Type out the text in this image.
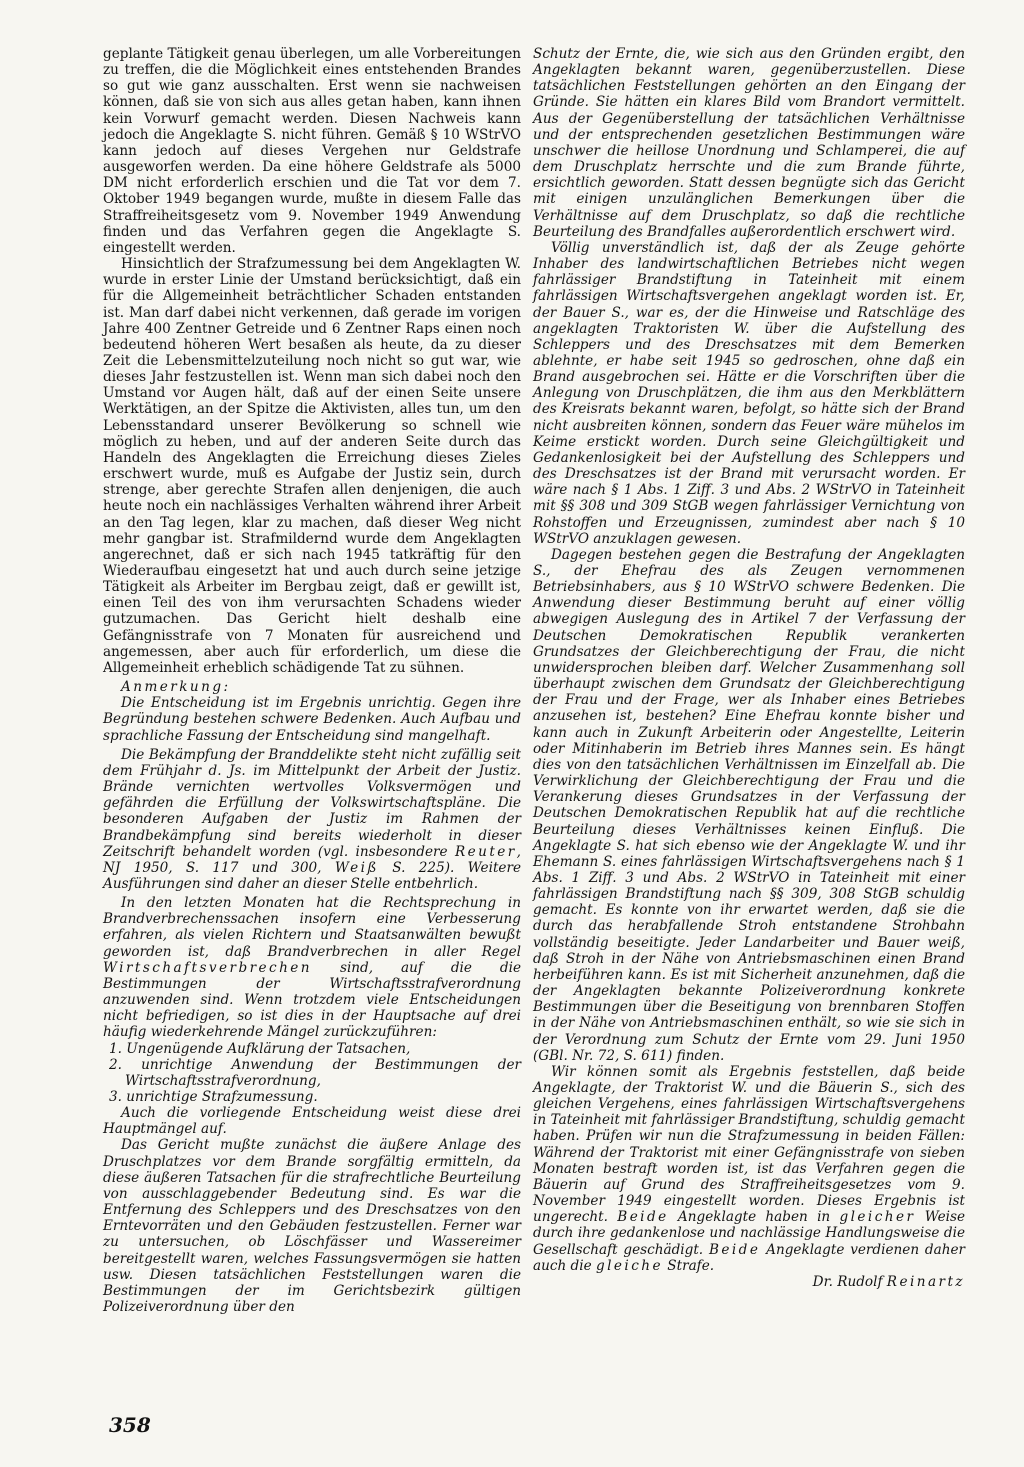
geplante Tätigkeit genau überlegen, um alle Vorbereitungen zu treffen, die die Möglichkeit eines entstehenden Brandes so gut wie ganz ausschalten. Erst wenn sie nachweisen können, daß sie von sich aus alles getan haben, kann ihnen kein Vorwurf gemacht werden. Diesen Nachweis kann jedoch die Angeklagte S. nicht führen. Gemäß § 10 WStrVO kann jedoch auf dieses Vergehen nur Geldstrafe ausgeworfen werden. Da eine höhere Geldstrafe als 5000 DM nicht erforderlich erschien und die Tat vor dem 7. Oktober 1949 begangen wurde, mußte in diesem Falle das Straffreiheitsgesetz vom 9. November 1949 Anwendung finden und das Verfahren gegen die Angeklagte S. eingestellt werden.

Hinsichtlich der Strafzumessung bei dem Angeklagten W. wurde in erster Linie der Umstand berücksichtigt, daß ein für die Allgemeinheit beträchtlicher Schaden entstanden ist. Man darf dabei nicht verkennen, daß gerade im vorigen Jahre 400 Zentner Getreide und 6 Zentner Raps einen noch bedeutend höheren Wert besaßen als heute, da zu dieser Zeit die Lebensmittelzuteilung noch nicht so gut war, wie dieses Jahr festzustellen ist. Wenn man sich dabei noch den Umstand vor Augen hält, daß auf der einen Seite unsere Werktätigen, an der Spitze die Aktivisten, alles tun, um den Lebensstandard unserer Bevölkerung so schnell wie möglich zu heben, und auf der anderen Seite durch das Handeln des Angeklagten die Erreichung dieses Zieles erschwert wurde, muß es Aufgabe der Justiz sein, durch strenge, aber gerechte Strafen allen denjenigen, die auch heute noch ein nachlässiges Verhalten während ihrer Arbeit an den Tag legen, klar zu machen, daß dieser Weg nicht mehr gangbar ist. Strafmildernd wurde dem Angeklagten angerechnet, daß er sich nach 1945 tatkräftig für den Wiederaufbau eingesetzt hat und auch durch seine jetzige Tätigkeit als Arbeiter im Bergbau zeigt, daß er gewillt ist, einen Teil des von ihm verursachten Schadens wieder gutzumachen. Das Gericht hielt deshalb eine Gefängnisstrafe von 7 Monaten für ausreichend und angemessen, aber auch für erforderlich, um diese die Allgemeinheit erheblich schädigende Tat zu sühnen.

Anmerkung:

Die Entscheidung ist im Ergebnis unrichtig. Gegen ihre Begründung bestehen schwere Bedenken. Auch Aufbau und sprachliche Fassung der Entscheidung sind mangelhaft.

Die Bekämpfung der Branddelikte steht nicht zufällig seit dem Frühjahr d. Js. im Mittelpunkt der Arbeit der Justiz. Brände vernichten wertvolles Volksvermögen und gefährden die Erfüllung der Volkswirtschaftspläne. Die besonderen Aufgaben der Justiz im Rahmen der Brandbekämpfung sind bereits wiederholt in dieser Zeitschrift behandelt worden (vgl. insbesondere Reuter, NJ 1950, S. 117 und 300, Weiß S. 225). Weitere Ausführungen sind daher an dieser Stelle entbehrlich.

In den letzten Monaten hat die Rechtsprechung in Brandverbrechenssachen insofern eine Verbesserung erfahren, als vielen Richtern und Staatsanwälten bewußt geworden ist, daß Brandverbrechen in aller Regel Wirtschaftsverbrechen sind, auf die die Bestimmungen der Wirtschaftsstrafverordnung anzuwenden sind. Wenn trotzdem viele Entscheidungen nicht befriedigen, so ist dies in der Hauptsache auf drei häufig wiederkehrende Mängel zurückzuführen:

1. Ungenügende Aufklärung der Tatsachen,
2. unrichtige Anwendung der Bestimmungen der Wirtschaftsstrafverordnung,
3. unrichtige Strafzumessung.

Auch die vorliegende Entscheidung weist diese drei Hauptmängel auf.

Das Gericht mußte zunächst die äußere Anlage des Druschplatzes vor dem Brande sorgfältig ermitteln, da diese äußeren Tatsachen für die strafrechtliche Beurteilung von ausschlaggebender Bedeutung sind. Es war die Entfernung des Schleppers und des Dreschsatzes von den Erntevorräten und den Gebäuden festzustellen. Ferner war zu untersuchen, ob Löschfässer und Wassereimer bereitgestellt waren, welches Fassungsvermögen sie hatten usw. Diesen tatsächlichen Feststellungen waren die Bestimmungen der im Gerichtsbezirk gültigen Polizeiverordnung über den

Schutz der Ernte, die, wie sich aus den Gründen ergibt, den Angeklagten bekannt waren, gegenüberzustellen. Diese tatsächlichen Feststellungen gehörten an den Eingang der Gründe. Sie hätten ein klares Bild vom Brandort vermittelt. Aus der Gegenüberstellung der tatsächlichen Verhältnisse und der entsprechenden gesetzlichen Bestimmungen wäre unschwer die heillose Unordnung und Schlamperei, die auf dem Druschplatz herrschte und die zum Brande führte, ersichtlich geworden. Statt dessen begnügte sich das Gericht mit einigen unzulänglichen Bemerkungen über die Verhältnisse auf dem Druschplatz, so daß die rechtliche Beurteilung des Brandfalles außerordentlich erschwert wird.

Völlig unverständlich ist, daß der als Zeuge gehörte Inhaber des landwirtschaftlichen Betriebes nicht wegen fahrlässiger Brandstiftung in Tateinheit mit einem fahrlässigen Wirtschaftsvergehen angeklagt worden ist. Er, der Bauer S., war es, der die Hinweise und Ratschläge des angeklagten Traktoristen W. über die Aufstellung des Schleppers und des Dreschsatzes mit dem Bemerken ablehnte, er habe seit 1945 so gedroschen, ohne daß ein Brand ausgebrochen sei. Hätte er die Vorschriften über die Anlegung von Druschplätzen, die ihm aus den Merkblättern des Kreisrats bekannt waren, befolgt, so hätte sich der Brand nicht ausbreiten können, sondern das Feuer wäre mühelos im Keime erstickt worden. Durch seine Gleichgültigkeit und Gedankenlosigkeit bei der Aufstellung des Schleppers und des Dreschsatzes ist der Brand mit verursacht worden. Er wäre nach § 1 Abs. 1 Ziff. 3 und Abs. 2 WStrVO in Tateinheit mit §§ 308 und 309 StGB wegen fahrlässiger Vernichtung von Rohstoffen und Erzeugnissen, zumindest aber nach § 10 WStrVO anzuklagen gewesen.

Dagegen bestehen gegen die Bestrafung der Angeklagten S., der Ehefrau des als Zeugen vernommenen Betriebsinhabers, aus § 10 WStrVO schwere Bedenken. Die Anwendung dieser Bestimmung beruht auf einer völlig abwegigen Auslegung des in Artikel 7 der Verfassung der Deutschen Demokratischen Republik verankerten Grundsatzes der Gleichberechtigung der Frau, die nicht unwidersprochen bleiben darf. Welcher Zusammenhang soll überhaupt zwischen dem Grundsatz der Gleichberechtigung der Frau und der Frage, wer als Inhaber eines Betriebes anzusehen ist, bestehen? Eine Ehefrau konnte bisher und kann auch in Zukunft Arbeiterin oder Angestellte, Leiterin oder Mitinhaberin im Betrieb ihres Mannes sein. Es hängt dies von den tatsächlichen Verhältnissen im Einzelfall ab. Die Verwirklichung der Gleichberechtigung der Frau und die Verankerung dieses Grundsatzes in der Verfassung der Deutschen Demokratischen Republik hat auf die rechtliche Beurteilung dieses Verhältnisses keinen Einfluß. Die Angeklagte S. hat sich ebenso wie der Angeklagte W. und ihr Ehemann S. eines fahrlässigen Wirtschaftsvergehens nach § 1 Abs. 1 Ziff. 3 und Abs. 2 WStrVO in Tateinheit mit einer fahrlässigen Brandstiftung nach §§ 309, 308 StGB schuldig gemacht. Es konnte von ihr erwartet werden, daß sie die durch das herabfallende Stroh entstandene Strohbahn vollständig beseitigte. Jeder Landarbeiter und Bauer weiß, daß Stroh in der Nähe von Antriebsmaschinen einen Brand herbeiführen kann. Es ist mit Sicherheit anzunehmen, daß die der Angeklagten bekannte Polizeiverordnung konkrete Bestimmungen über die Beseitigung von brennbaren Stoffen in der Nähe von Antriebsmaschinen enthält, so wie sie sich in der Verordnung zum Schutz der Ernte vom 29. Juni 1950 (GBl. Nr. 72, S. 611) finden.

Wir können somit als Ergebnis feststellen, daß beide Angeklagte, der Traktorist W. und die Bäuerin S., sich des gleichen Vergehens, eines fahrlässigen Wirtschaftsvergehens in Tateinheit mit fahrlässiger Brandstiftung, schuldig gemacht haben. Prüfen wir nun die Strafzumessung in beiden Fällen: Während der Traktorist mit einer Gefängnisstrafe von sieben Monaten bestraft worden ist, ist das Verfahren gegen die Bäuerin auf Grund des Straffreiheitsgesetzes vom 9. November 1949 eingestellt worden. Dieses Ergebnis ist ungerecht. Beide Angeklagte haben in gleicher Weise durch ihre gedankenlose und nachlässige Handlungsweise die Gesellschaft geschädigt. Beide Angeklagte verdienen daher auch die gleiche Strafe.

Dr. Rudolf Reinartz

358
